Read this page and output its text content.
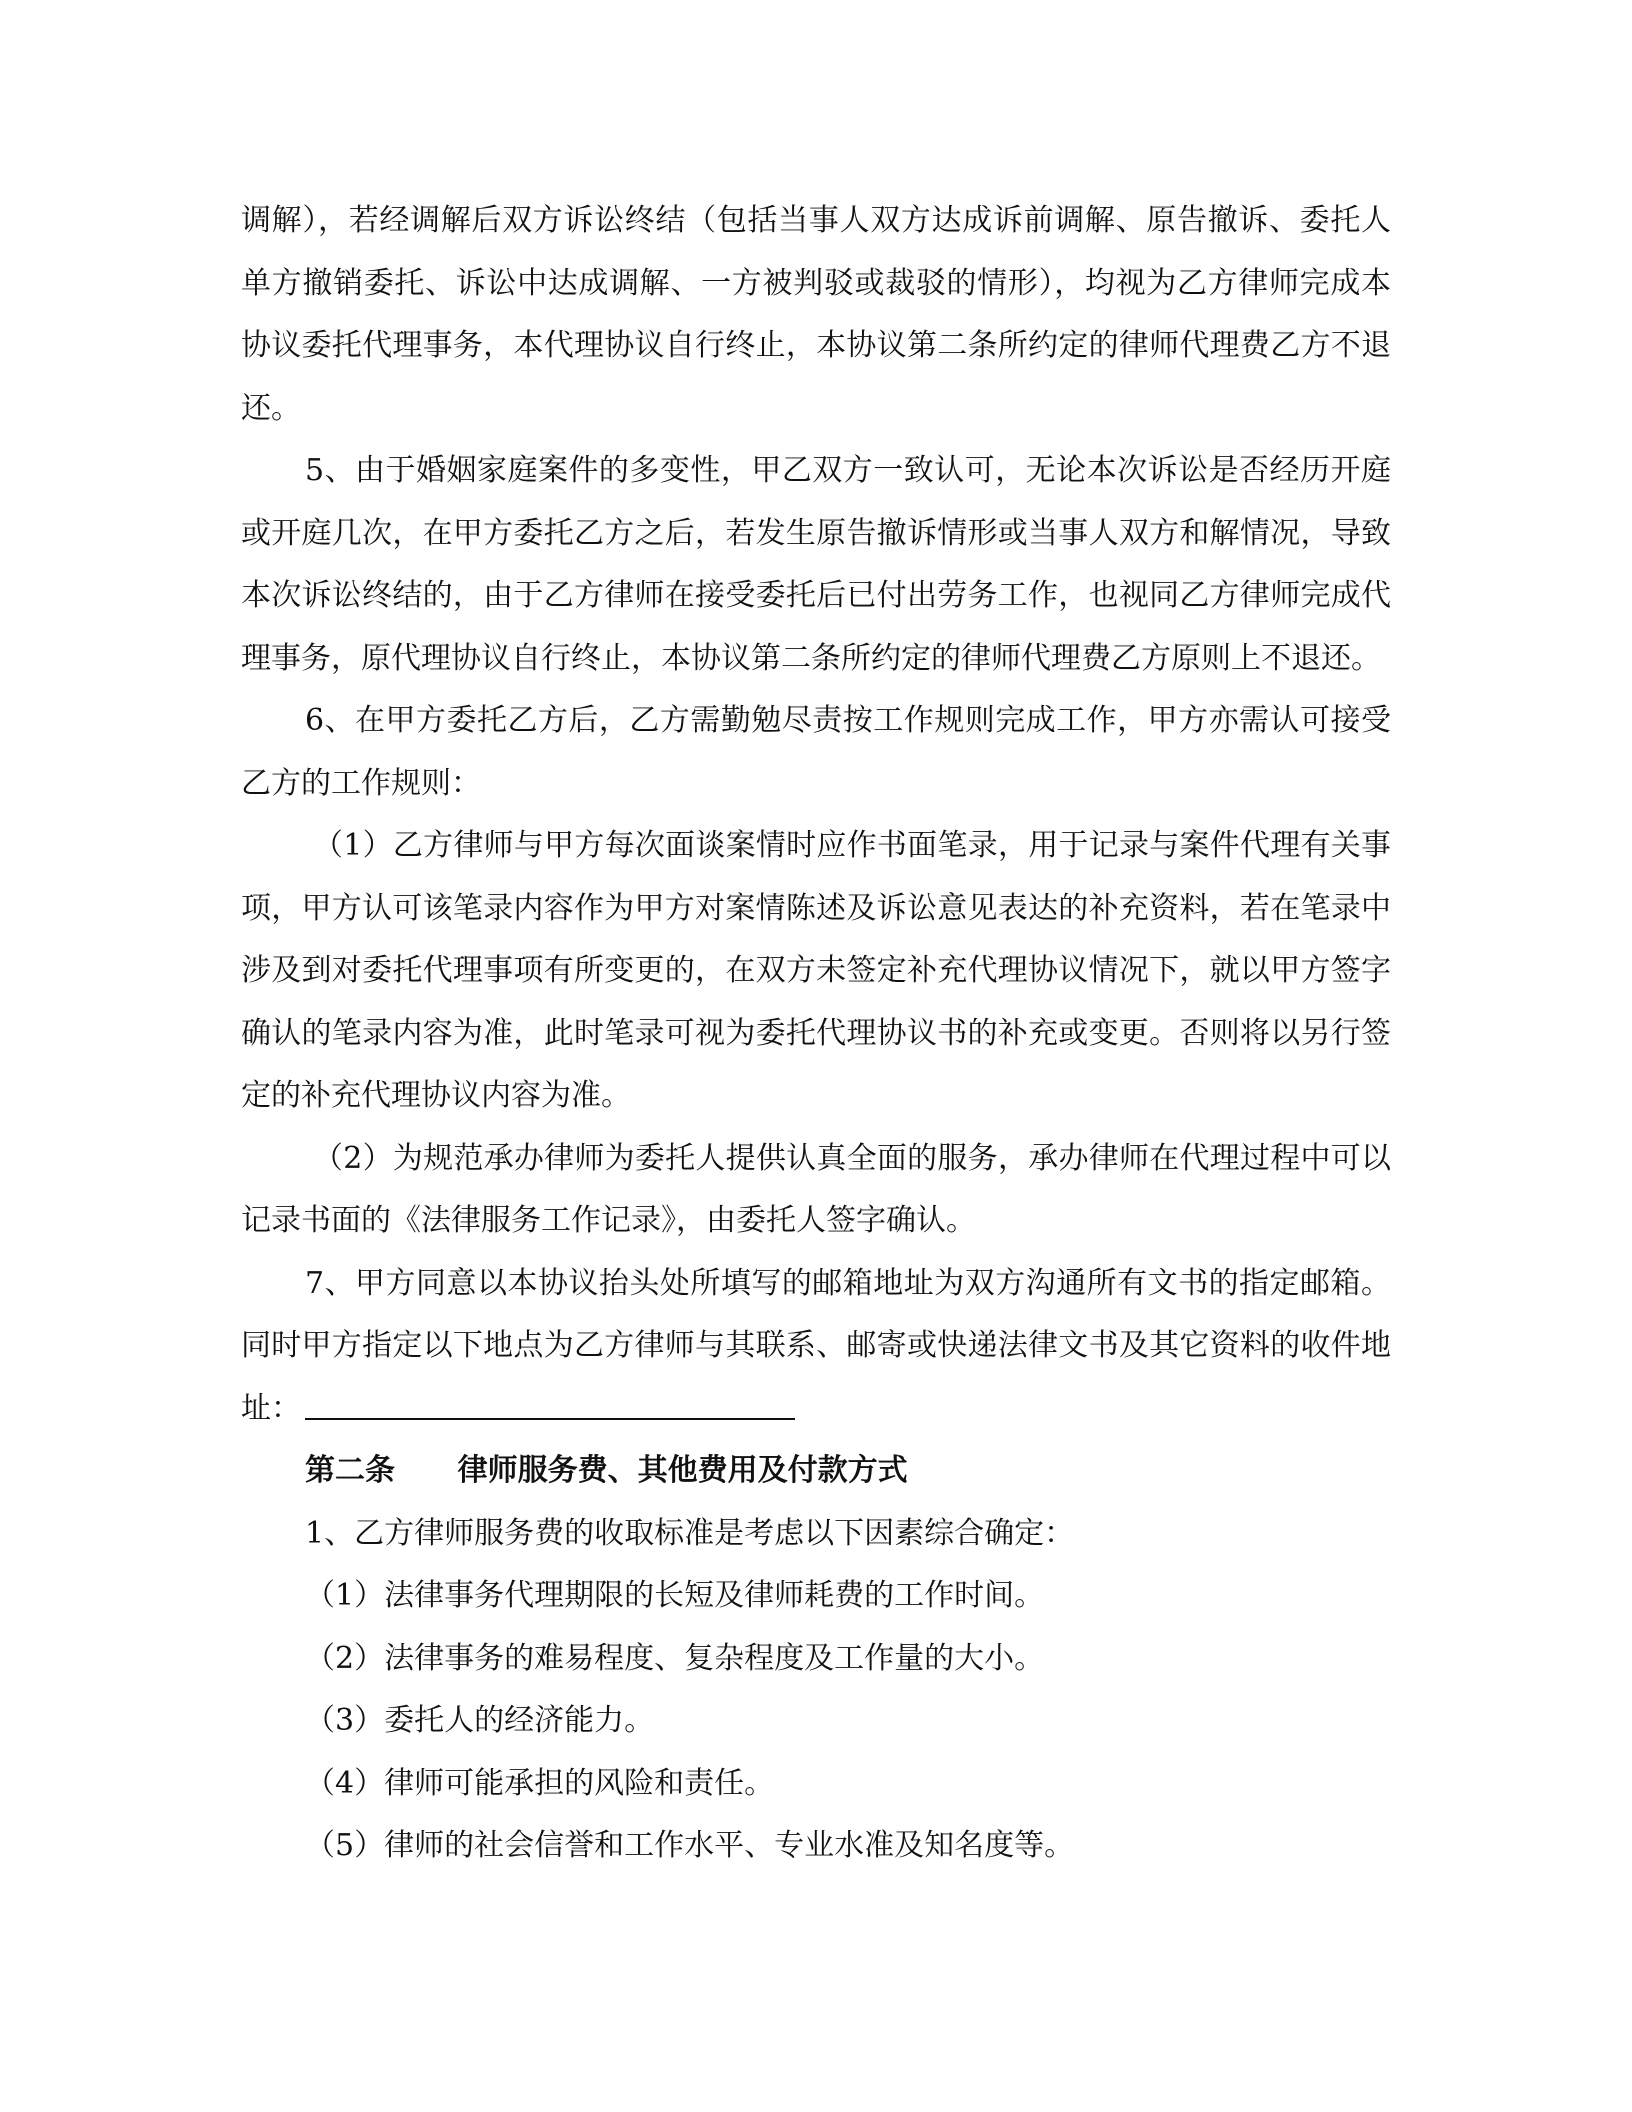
调解），若经调解后双方诉讼终结（包括当事人双方达成诉前调解、原告撤诉、委托人单方撤销委托、诉讼中达成调解、一方被判驳或裁驳的情形），均视为乙方律师完成本协议委托代理事务，本代理协议自行终止，本协议第二条所约定的律师代理费乙方不退还。

5、由于婚姻家庭案件的多变性，甲乙双方一致认可，无论本次诉讼是否经历开庭或开庭几次，在甲方委托乙方之后，若发生原告撤诉情形或当事人双方和解情况，导致本次诉讼终结的，由于乙方律师在接受委托后已付出劳务工作，也视同乙方律师完成代理事务，原代理协议自行终止，本协议第二条所约定的律师代理费乙方原则上不退还。

6、在甲方委托乙方后，乙方需勤勉尽责按工作规则完成工作，甲方亦需认可接受乙方的工作规则：

（1）乙方律师与甲方每次面谈案情时应作书面笔录，用于记录与案件代理有关事项，甲方认可该笔录内容作为甲方对案情陈述及诉讼意见表达的补充资料，若在笔录中涉及到对委托代理事项有所变更的，在双方未签定补充代理协议情况下，就以甲方签字确认的笔录内容为准，此时笔录可视为委托代理协议书的补充或变更。否则将以另行签定的补充代理协议内容为准。

（2）为规范承办律师为委托人提供认真全面的服务，承办律师在代理过程中可以记录书面的《法律服务工作记录》，由委托人签字确认。

7、甲方同意以本协议抬头处所填写的邮箱地址为双方沟通所有文书的指定邮箱。同时甲方指定以下地点为乙方律师与其联系、邮寄或快递法律文书及其它资料的收件地址：

第二条 律师服务费、其他费用及付款方式

1、乙方律师服务费的收取标准是考虑以下因素综合确定：

（1）法律事务代理期限的长短及律师耗费的工作时间。

（2）法律事务的难易程度、复杂程度及工作量的大小。

（3）委托人的经济能力。

（4）律师可能承担的风险和责任。

（5）律师的社会信誉和工作水平、专业水准及知名度等。
